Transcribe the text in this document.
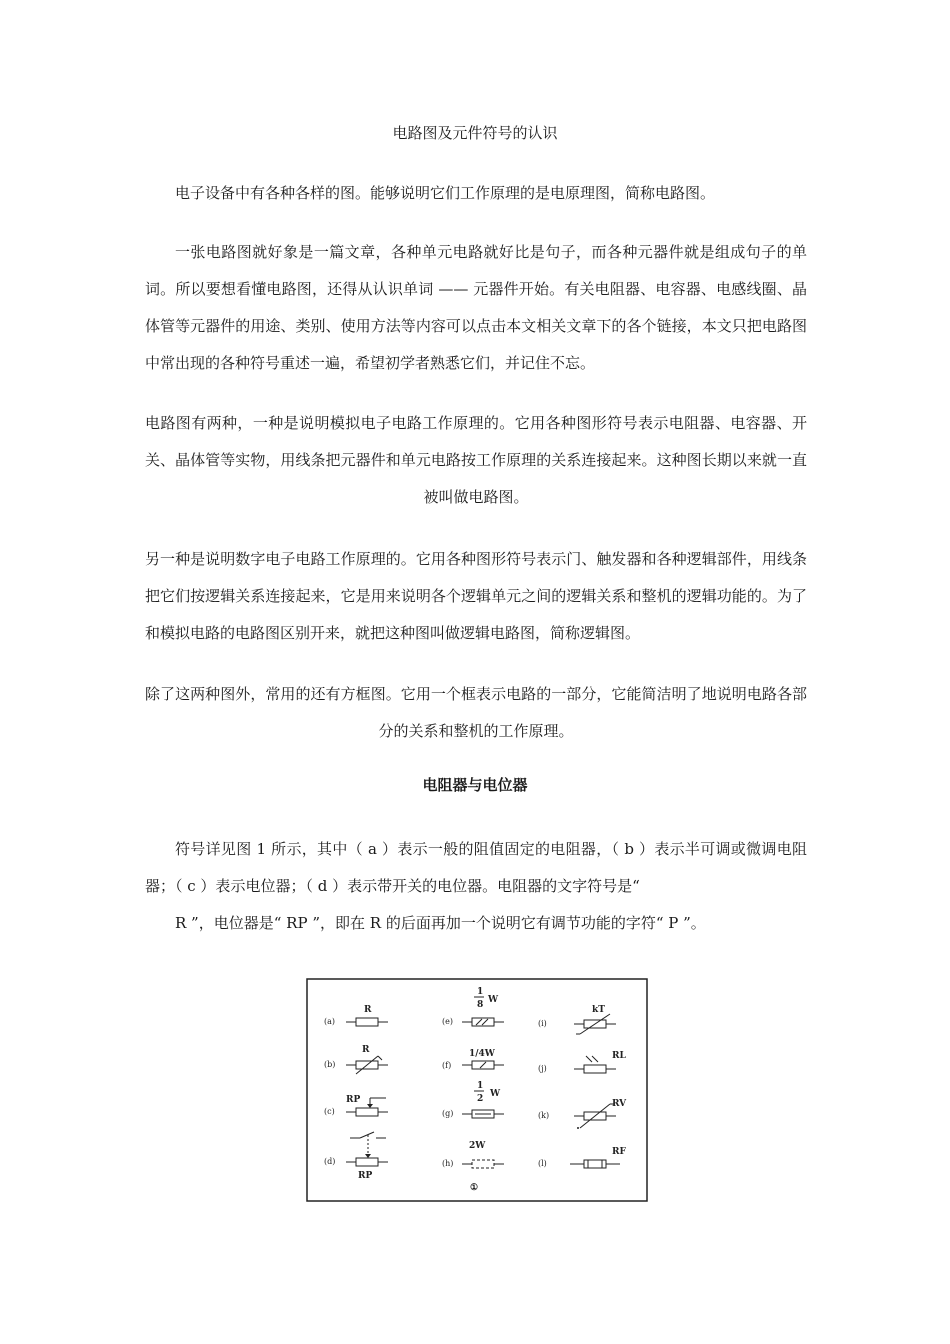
电路图及元件符号的认识
电子设备中有各种各样的图。能够说明它们工作原理的是电原理图，简称电路图。
一张电路图就好象是一篇文章，各种单元电路就好比是句子，而各种元器件就是组成句子的单词。所以要想看懂电路图，还得从认识单词 —— 元器件开始。有关电阻器、电容器、电感线圈、晶体管等元器件的用途、类别、使用方法等内容可以点击本文相关文章下的各个链接，本文只把电路图中常出现的各种符号重述一遍，希望初学者熟悉它们，并记住不忘。
电路图有两种，一种是说明模拟电子电路工作原理的。它用各种图形符号表示电阻器、电容器、开关、晶体管等实物，用线条把元器件和单元电路按工作原理的关系连接起来。这种图长期以来就一直被叫做电路图。
另一种是说明数字电子电路工作原理的。它用各种图形符号表示门、触发器和各种逻辑部件，用线条把它们按逻辑关系连接起来，它是用来说明各个逻辑单元之间的逻辑关系和整机的逻辑功能的。为了和模拟电路的电路图区别开来，就把这种图叫做逻辑电路图，简称逻辑图。
除了这两种图外，常用的还有方框图。它用一个框表示电路的一部分，它能简洁明了地说明电路各部分的关系和整机的工作原理。
电阻器与电位器
符号详见图 1 所示，其中（ a ）表示一般的阻值固定的电阻器，（ b ）表示半可调或微调电阻器；（ c ）表示电位器；（ d ）表示带开关的电位器。电阻器的文字符号是“
R ”，电位器是“ RP ”，即在 R 的后面再加一个说明它有调节功能的字符“ P ”。
(a)
R
(b)
R
(c)
RP
(d)
RP
(e)
1
8 W
(f)
1/4W
(g)
1
2 W
(h)
2W
①
(i)
kT
(j)
RL
(k)
RV
(l)
RF
